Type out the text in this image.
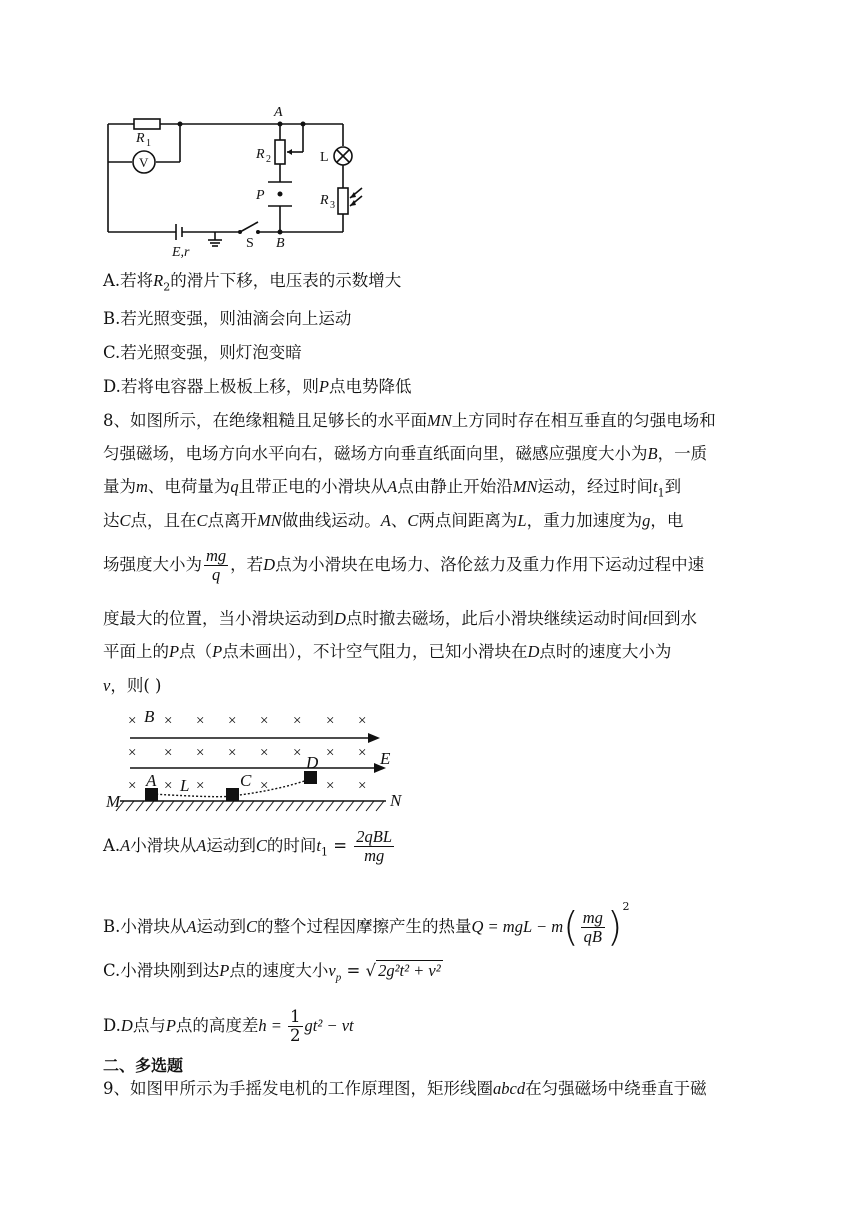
A
B
R 1
R 2
R 3
V	L
P
E,r
S
A.若将$R_2$的滑片下移，电压表的示数增大
B.若光照变强，则油滴会向上运动
C.若光照变强，则灯泡变暗
D.若将电容器上极板上移，则P点电势降低
8、如图所示，在绝缘粗糙且足够长的水平面MN上方同时存在相互垂直的匀强电场和
匀强磁场，电场方向水平向右，磁场方向垂直纸面向里，磁感应强度大小为B，一质
量为m、电荷量为q且带正电的小滑块从A点由静止开始沿MN运动，经过时间$t_1$到
达C点，且在C点离开MN做曲线运动。A、C两点间距离为L，重力加速度为g，电
场强度大小为 $\frac{mg}{q}$ ，若D点为小滑块在电场力、洛伦兹力及重力作用下运动过程中速
度最大的位置，当小滑块运动到D点时撤去磁场，此后小滑块继续运动时间t回到水
平面上的P点（P点未画出），不计空气阻力，已知小滑块在D点时的速度大小为
v，则( )
× × × × × × × ×
× × × × × × × ×
× × ×	×	× ×
B
E
A L	C
D
M	N
A.A小滑块从A运动到C的时间$t_1 = \frac{\text{2qBL}}{mg}$
B.小滑块从A运动到C的整个过程因摩擦产生的热量Q = mgL − $m( \frac{mg}{qB} )^2$
C.小滑块刚到达P点的速度大小$v_p$ = √ 2g²t² + v²
D.D点与P点的高度差$h = \frac{1}{2} gt^2$ − vt
二、多选题
9、如图甲所示为手摇发电机的工作原理图，矩形线圈abcd在匀强磁场中绕垂直于磁
